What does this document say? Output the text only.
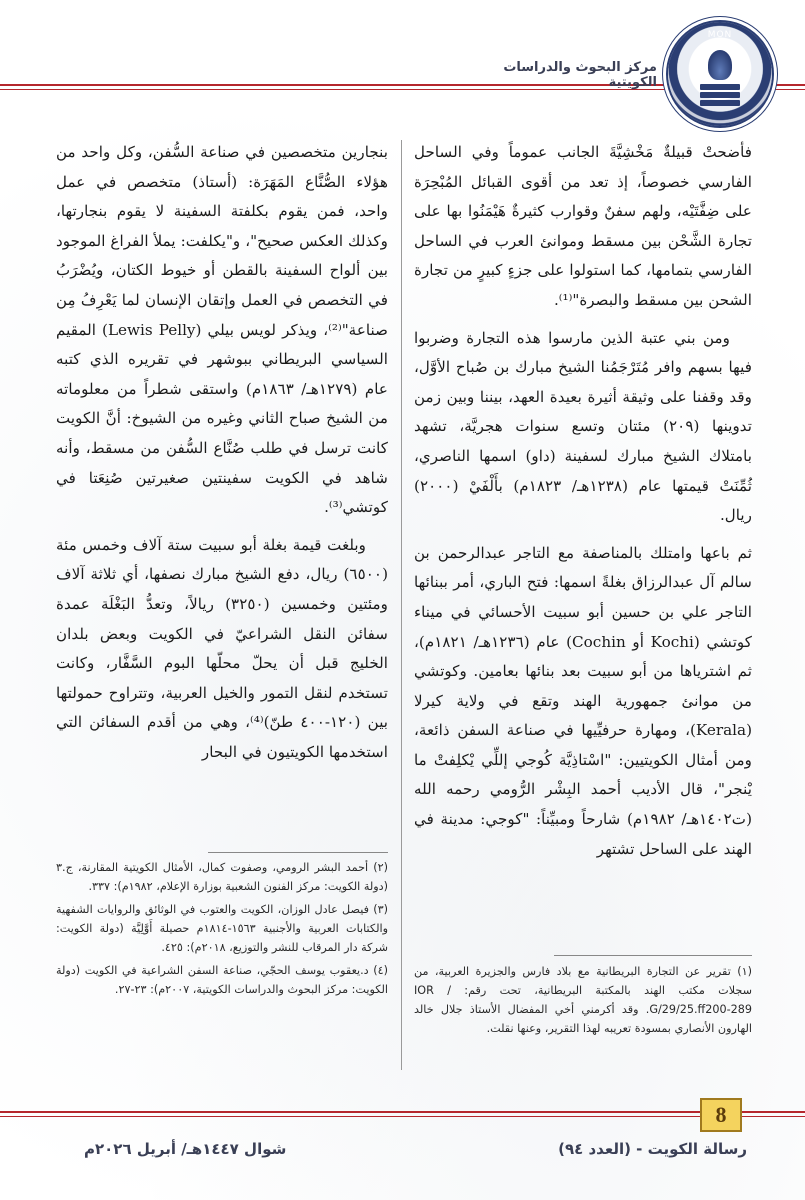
MON
مركز البحوث والدراسات الكويتية

فأضحتْ قبيلةٌ مَخْشِيَّةَ الجانب عموماً وفي الساحل الفارسي خصوصاً، إذ تعد من أقوى القبائل المُبْحِرَة على ضِفَّتَيْه، ولهم سفنٌ وقوارب كثيرةٌ هَيْمَنُوا بها على تجارة الشَّحْن بين مسقط وموانئ العرب في الساحل الفارسي بتمامها، كما استولوا على جزءٍ كبيرٍ من تجارة الشحن بين مسقط والبصرة"⁽¹⁾.

ومن بني عتبة الذين مارسوا هذه التجارة وضربوا فيها بسهم وافر مُتَرْجَمُنا الشيخ مبارك بن صُباح الأوَّل، وقد وقفنا على وثيقة أثيرة بعيدة العهد، بيننا وبين زمن تدوينها (٢٠٩) مئتان وتسع سنوات هجريَّة، تشهد بامتلاك الشيخ مبارك لسفينة (داو) اسمها الناصري، ثُمِّنَتْ قيمتها عام (١٢٣٨هـ/ ١٨٢٣م) بأَلْفَيْ (٢٠٠٠) ريال.

ثم باعها وامتلك بالمناصفة مع التاجر عبدالرحمن بن سالم آل عبدالرزاق بغلةً اسمها: فتح الباري، أمر ببنائها التاجر علي بن حسين أبو سبيت الأحسائي في ميناء كوتشي (Kochi أو Cochin) عام (١٢٣٦هـ/ ١٨٢١م)، ثم اشترياها من أبو سبيت بعد بنائها بعامين. وكوتشي من موانئ جمهورية الهند وتقع في ولاية كيرلا (Kerala)، ومهارة حرفيِّيها في صناعة السفن ذائعة، ومن أمثال الكويتيين: "اسْتاذِيَّة كُوجي إللِّي يْكلِفتْ ما يْنجر"، قال الأديب أحمد البِشْر الرُّومي رحمه الله (ت١٤٠٢هـ/ ١٩٨٢م) شارحاً ومبيِّناً: "كوجي: مدينة في الهند على الساحل تشتهر

بنجارين متخصصين في صناعة السُّفن، وكل واحد من هؤلاء الصُّنَّاع المَهَرَة: (أستاذ) متخصص في عمل واحد، فمن يقوم بكلفتة السفينة لا يقوم بنجارتها، وكذلك العكس صحيح"، و"يكلفت: يملأ الفراغ الموجود بين ألواح السفينة بالقطن أو خيوط الكتان، ويُضْرَبُ في التخصص في العمل وإتقان الإنسان لما يَعْرِفُ مِن صناعة"⁽²⁾، ويذكر لويس بيلي (Lewis Pelly) المقيم السياسي البريطاني ببوشهر في تقريره الذي كتبه عام (١٢٧٩هـ/ ١٨٦٣م) واستقى شطراً من معلوماته من الشيخ صباح الثاني وغيره من الشيوخ: أنَّ الكويت كانت ترسل في طلب صُنَّاع السُّفن من مسقط، وأنه شاهد في الكويت سفينتين صغيرتين صُنِعَتا في كوتشي⁽³⁾.

وبلغت قيمة بغلة أبو سبيت ستة آلاف وخمس مئة (٦٥٠٠) ريال، دفع الشيخ مبارك نصفها، أي ثلاثة آلاف ومئتين وخمسين (٣٢٥٠) ريالاً، وتعدُّ البَغْلَة عمدة سفائن النقل الشراعيّ في الكويت وبعض بلدان الخليج قبل أن يحلّ محلّها البوم السَّفَّار، وكانت تستخدم لنقل التمور والخيل العربية، وتتراوح حمولتها بين (١٢٠-٤٠٠ طنّ)⁽⁴⁾، وهي من أقدم السفائن التي استخدمها الكويتيون في البحار

(١) تقرير عن التجارة البريطانية مع بلاد فارس والجزيرة العربية، من سجلات مكتب الهند بالمكتبة البريطانية، تحت رقم: IOR / G/29/25.ff200-289. وقد أكرمني أخي المفضال الأستاذ جلال خالد الهارون الأنصاري بمسودة تعريبه لهذا التقرير، وعنها نقلت.
(٢) أحمد البشر الرومي، وصفوت كمال، الأمثال الكويتية المقارنة، ج.٣ (دولة الكويت: مركز الفنون الشعبية بوزارة الإعلام، ١٩٨٢م): ٣٣٧.
(٣) فيصل عادل الوزان، الكويت والعتوب في الوثائق والروايات الشفهية والكتابات العربية والأجنبية ١٥٦٣-١٨١٤م حصيلة أَوَّلِيَّة (دولة الكويت: شركة دار المرقاب للنشر والتوزيع، ٢٠١٨م): ٤٢٥.
(٤) د.يعقوب يوسف الحجّي، صناعة السفن الشراعية في الكويت (دولة الكويت: مركز البحوث والدراسات الكويتية، ٢٠٠٧م): ٢٣-٢٧.
8
رسالة الكويت - (العدد ٩٤)
شوال ١٤٤٧هـ/ أبريل ٢٠٢٦م
